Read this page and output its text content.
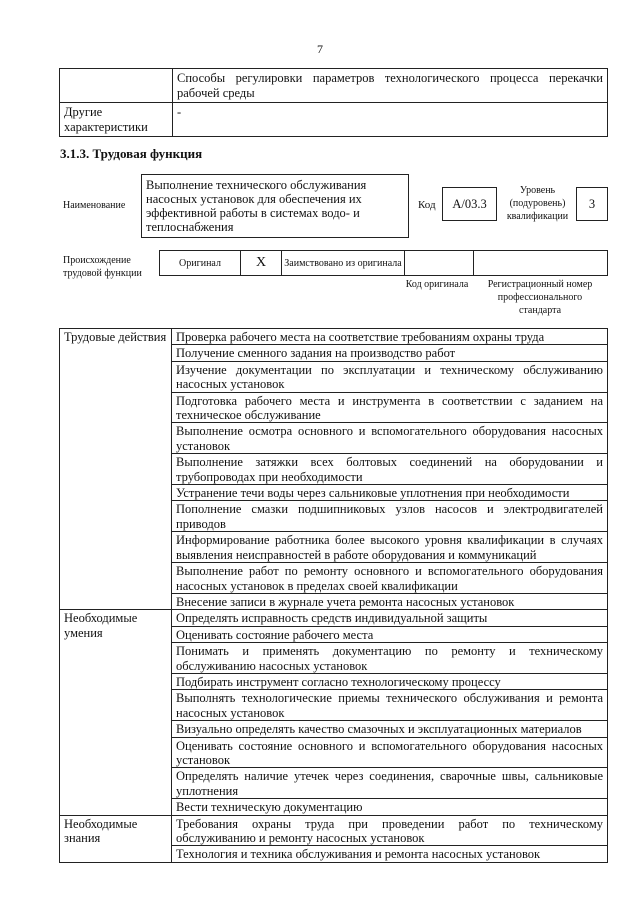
7
	Способы регулировки параметров технологического процесса перекачки рабочей среды
Другие характеристики	-
3.1.3. Трудовая функция
Наименование
Выполнение технического обслуживания насосных установок для обеспечения их эффективной работы в системах водо- и теплоснабжения
Код	А/03.3
Уровень (подуровень) квалификации
3
Происхождение трудовой функции
Оригинал	X	Заимствовано из оригинала		
Код оригинала	Регистрационный номер профессионального стандарта
Трудовые действия	Проверка рабочего места на соответствие требованиям охраны труда
	Получение сменного задания на производство работ
	Изучение документации по эксплуатации и техническому обслуживанию насосных установок
	Подготовка рабочего места и инструмента в соответствии с заданием на техническое обслуживание
	Выполнение осмотра основного и вспомогательного оборудования насосных установок
	Выполнение затяжки всех болтовых соединений на оборудовании и трубопроводах при необходимости
	Устранение течи воды через сальниковые уплотнения при необходимости
	Пополнение смазки подшипниковых узлов насосов и электродвигателей приводов
	Информирование работника более высокого уровня квалификации в случаях выявления неисправностей в работе оборудования и коммуникаций
	Выполнение работ по ремонту основного и вспомогательного оборудования насосных установок в пределах своей квалификации
	Внесение записи в журнале учета ремонта насосных установок
Необходимые умения	Определять исправность средств индивидуальной защиты
	Оценивать состояние рабочего места
	Понимать и применять документацию по ремонту и техническому обслуживанию насосных установок
	Подбирать инструмент согласно технологическому процессу
	Выполнять технологические приемы технического обслуживания и ремонта насосных установок
	Визуально определять качество смазочных и эксплуатационных материалов
	Оценивать состояние основного и вспомогательного оборудования насосных установок
	Определять наличие утечек через соединения, сварочные швы, сальниковые уплотнения
	Вести техническую документацию
Необходимые знания	Требования охраны труда при проведении работ по техническому обслуживанию и ремонту насосных установок
	Технология и техника обслуживания и ремонта насосных установок
